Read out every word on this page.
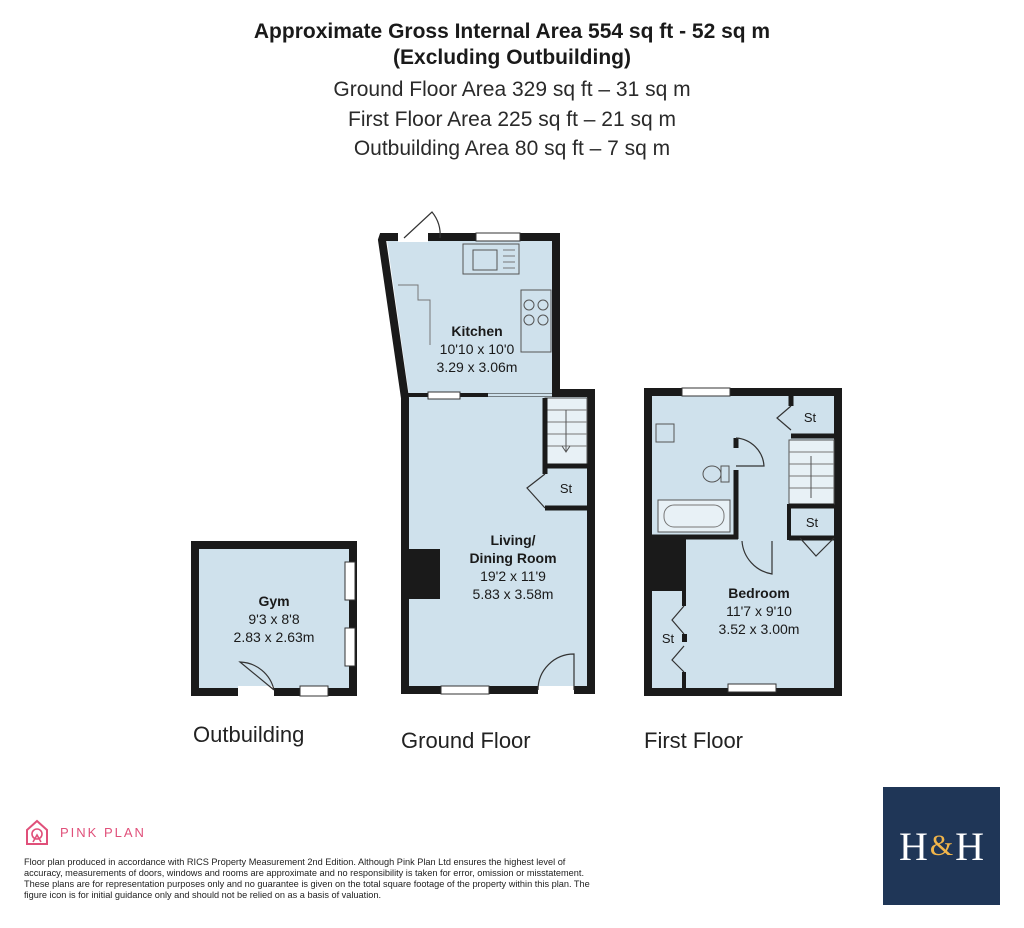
Approximate Gross Internal Area 554 sq ft - 52 sq m
(Excluding Outbuilding)
Ground Floor Area 329 sq ft – 31 sq m
First Floor Area 225 sq ft – 21 sq m
Outbuilding Area 80 sq ft – 7 sq m
St
St
St
St
Kitchen
10'10 x 10'0
3.29 x 3.06m
Living/
Dining Room
19'2 x 11'9
5.83 x 3.58m
Gym
9'3 x 8'8
2.83 x 2.63m
Bedroom
11'7 x 9'10
3.52 x 3.00m
Outbuilding	Ground Floor	First Floor
PINK PLAN
Floor plan produced in accordance with RICS Property Measurement 2nd Edition. Although Pink Plan Ltd ensures the highest level of accuracy, measurements of doors, windows and rooms are approximate and no responsibility is taken for error, omission or misstatement. These plans are for representation purposes only and no guarantee is given on the total square footage of the property within this plan. The figure icon is for initial guidance only and should not be relied on as a basis of valuation.
H & H
